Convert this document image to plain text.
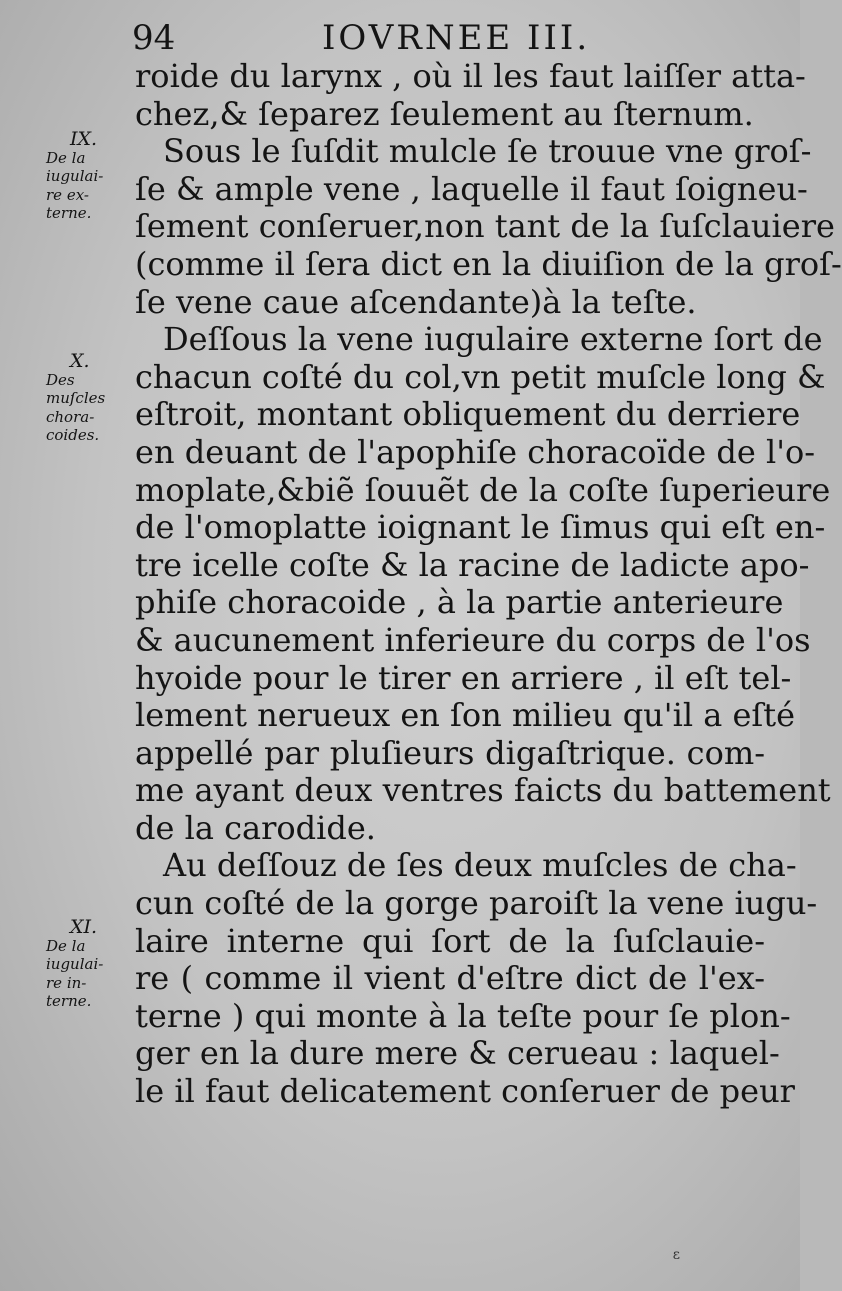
94	IOVRNEE III.
IX.
De la
iugulai-
re ex-
terne.
X.
Des
muſcles
chora-
coides.
XI.
De la
iugulai-
re in-
terne.
roide du larynx , où il les faut laiſſer atta-
chez,& ſeparez ſeulement au ſternum.
Sous le ſuſdit mulcle ſe trouue vne groſ-
ſe & ample vene , laquelle il faut ſoigneu-
ſement conſeruer,non tant de la ſuſclauiere
(comme il ſera dict en la diuiſion de la groſ-
ſe vene caue aſcendante)à la teſte.
Deſſous la vene iugulaire externe ſort de
chacun coſté du col,vn petit muſcle long &
eſtroit, montant obliquement du derriere
en deuant de l'apophiſe choracoïde de l'o-
moplate,&biẽ ſouuẽt de la coſte ſuperieure
de l'omoplatte ioignant le ſimus qui eſt en-
tre icelle coſte & la racine de ladicte apo-
phiſe choracoide , à la partie anterieure
& aucunement inferieure du corps de l'os
hyoide pour le tirer en arriere , il eſt tel-
lement nerueux en ſon milieu qu'il a eſté
appellé par pluſieurs digaſtrique. com-
me ayant deux ventres faicts du battement
de la carodide.
Au deſſouz de ſes deux muſcles de cha-
cun coſté de la gorge paroiſt la vene iugu-
laire interne qui ſort de la ſuſclauie-
re ( comme il vient d'eſtre dict de l'ex-
terne ) qui monte à la teſte pour ſe plon-
ger en la dure mere & cerueau : laquel-
le il faut delicatement conſeruer de peur
ɛ
